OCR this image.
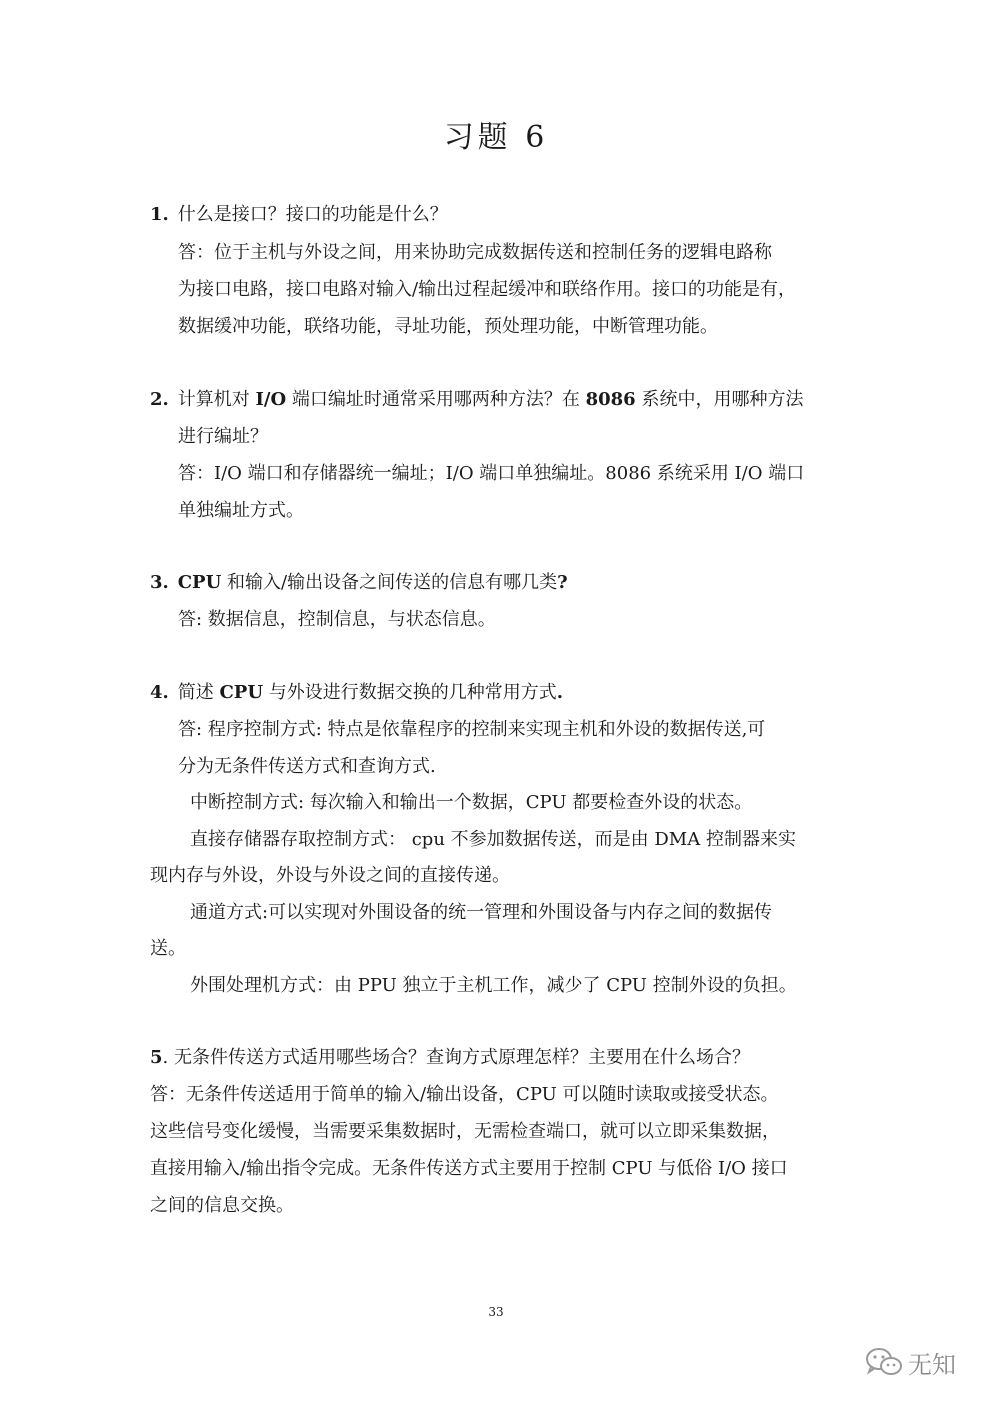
习题 6
1. 什么是接口？接口的功能是什么？
答：位于主机与外设之间，用来协助完成数据传送和控制任务的逻辑电路称
为接口电路，接口电路对输入/输出过程起缓冲和联络作用。接口的功能是有，
数据缓冲功能，联络功能，寻址功能，预处理功能，中断管理功能。
2. 计算机对 I/O 端口编址时通常采用哪两种方法？在 8086 系统中，用哪种方法
进行编址？
答：I/O 端口和存储器统一编址；I/O 端口单独编址。8086 系统采用 I/O 端口
单独编址方式。
3. CPU 和输入/输出设备之间传送的信息有哪几类?
答: 数据信息，控制信息，与状态信息。
4. 简述 CPU 与外设进行数据交换的几种常用方式.
答: 程序控制方式: 特点是依靠程序的控制来实现主机和外设的数据传送,可
分为无条件传送方式和查询方式.
中断控制方式: 每次输入和输出一个数据，CPU 都要检查外设的状态。
直接存储器存取控制方式： cpu 不参加数据传送，而是由 DMA 控制器来实
现内存与外设，外设与外设之间的直接传递。
通道方式:可以实现对外围设备的统一管理和外围设备与内存之间的数据传
送。
外围处理机方式：由 PPU 独立于主机工作，减少了 CPU 控制外设的负担。
5. 无条件传送方式适用哪些场合？查询方式原理怎样？主要用在什么场合？
答：无条件传送适用于简单的输入/输出设备，CPU 可以随时读取或接受状态。
这些信号变化缓慢，当需要采集数据时，无需检查端口，就可以立即采集数据，
直接用输入/输出指令完成。无条件传送方式主要用于控制 CPU 与低俗 I/O 接口
之间的信息交换。
33
无知
